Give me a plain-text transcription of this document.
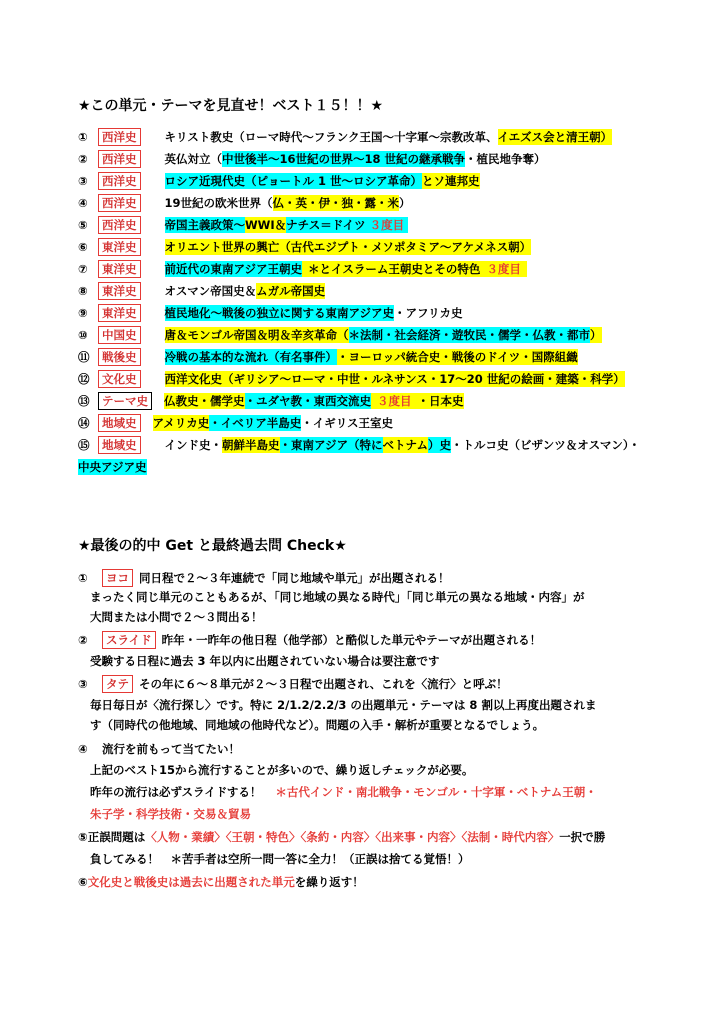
★この単元・テーマを見直せ！ベスト１５！！★
①	西洋史	キリスト教史（ローマ時代～フランク王国～十字軍～宗教改革、 イエズス会と清王朝）
②	西洋史	英仏対立（ 中世後半～16世紀の世界～18 世紀の継承戦争 ・植民地争奪）
③	西洋史	ロシア近現代史（ピョートル 1 世～ロシア革命） とソ連邦史
④	西洋史	19世紀の欧米世界（ 仏・英・伊・独・露・米 ）
⑤	西洋史	帝国主義政策～ WWⅠ＆ ナチス＝ドイツ ３度目
⑥	東洋史	オリエント世界の興亡（古代エジプト・メソポタミア～アケメネス朝）
⑦	東洋史	前近代の東南アジア王朝史 ＊とイスラーム王朝史とその特色 ３度目
⑧	東洋史	オスマン帝国史＆ ムガル帝国史
⑨	東洋史	植民地化～戦後の独立に関する東南アジア史 ・アフリカ史
⑩	中国史	唐＆モンゴル帝国＆明＆辛亥革命（ ＊法制・社会経済・遊牧民・儒学・仏教・都市 ）
⑪	戦後史	冷戦の基本的な流れ（有名事件） ・ヨーロッパ統合史・戦後のドイツ・国際組織
⑫	文化史	西洋文化史（ ギリシア～ローマ・中世・ルネサンス・17～20 世紀の絵画・建築・科学）
⑬	テーマ史	仏教史・儒学史 ・ユダヤ教・東西交流史 ３度目 ・日本史
⑭	地域史	アメリカ史 ・イベリア半島史 ・イギリス王室史
⑮	地域史	インド史・ 朝鮮半島史 ・東南アジア（特に ベトナム ）史 ・トルコ史（ビザンツ＆オスマン）・
中央アジア史
★最後の的中 Get と最終過去問 Check★
①	ヨコ 同日程で２～３年連続で「同じ地域や単元」が出題される！
まったく同じ単元のこともあるが、「同じ地域の異なる時代」「同じ単元の異なる地域・内容」が
大問または小問で２～３問出る！
②	スライド 昨年・一昨年の他日程（他学部）と酷似した単元やテーマが出題される！
受験する日程に過去 3 年以内に出題されていない場合は要注意です
③	タテ その年に６～８単元が２～３日程で出題され、これを〈流行〉と呼ぶ！
毎日毎日が〈流行探し〉です。特に 2/1.2/2.2/3 の出題単元・テーマは 8 割以上再度出題されま
す（同時代の他地域、同地域の他時代など）。問題の入手・解析が重要となるでしょう。
④	流行を前もって当てたい！
上記のベスト15から流行することが多いので、繰り返しチェックが必要。
昨年の流行は必ずスライドする！ ＊古代インド・南北戦争・モンゴル・十字軍・ベトナム王朝・
朱子学・科学技術・交易＆貿易
⑤正誤問題は〈人物・業績〉〈王朝・特色〉〈条約・内容〉〈出来事・内容〉〈法制・時代内容〉一択で勝
負してみる！　＊苦手者は空所一問一答に全力！（正誤は捨てる覚悟！）
⑥文化史と戦後史は過去に出題された単元を繰り返す！
